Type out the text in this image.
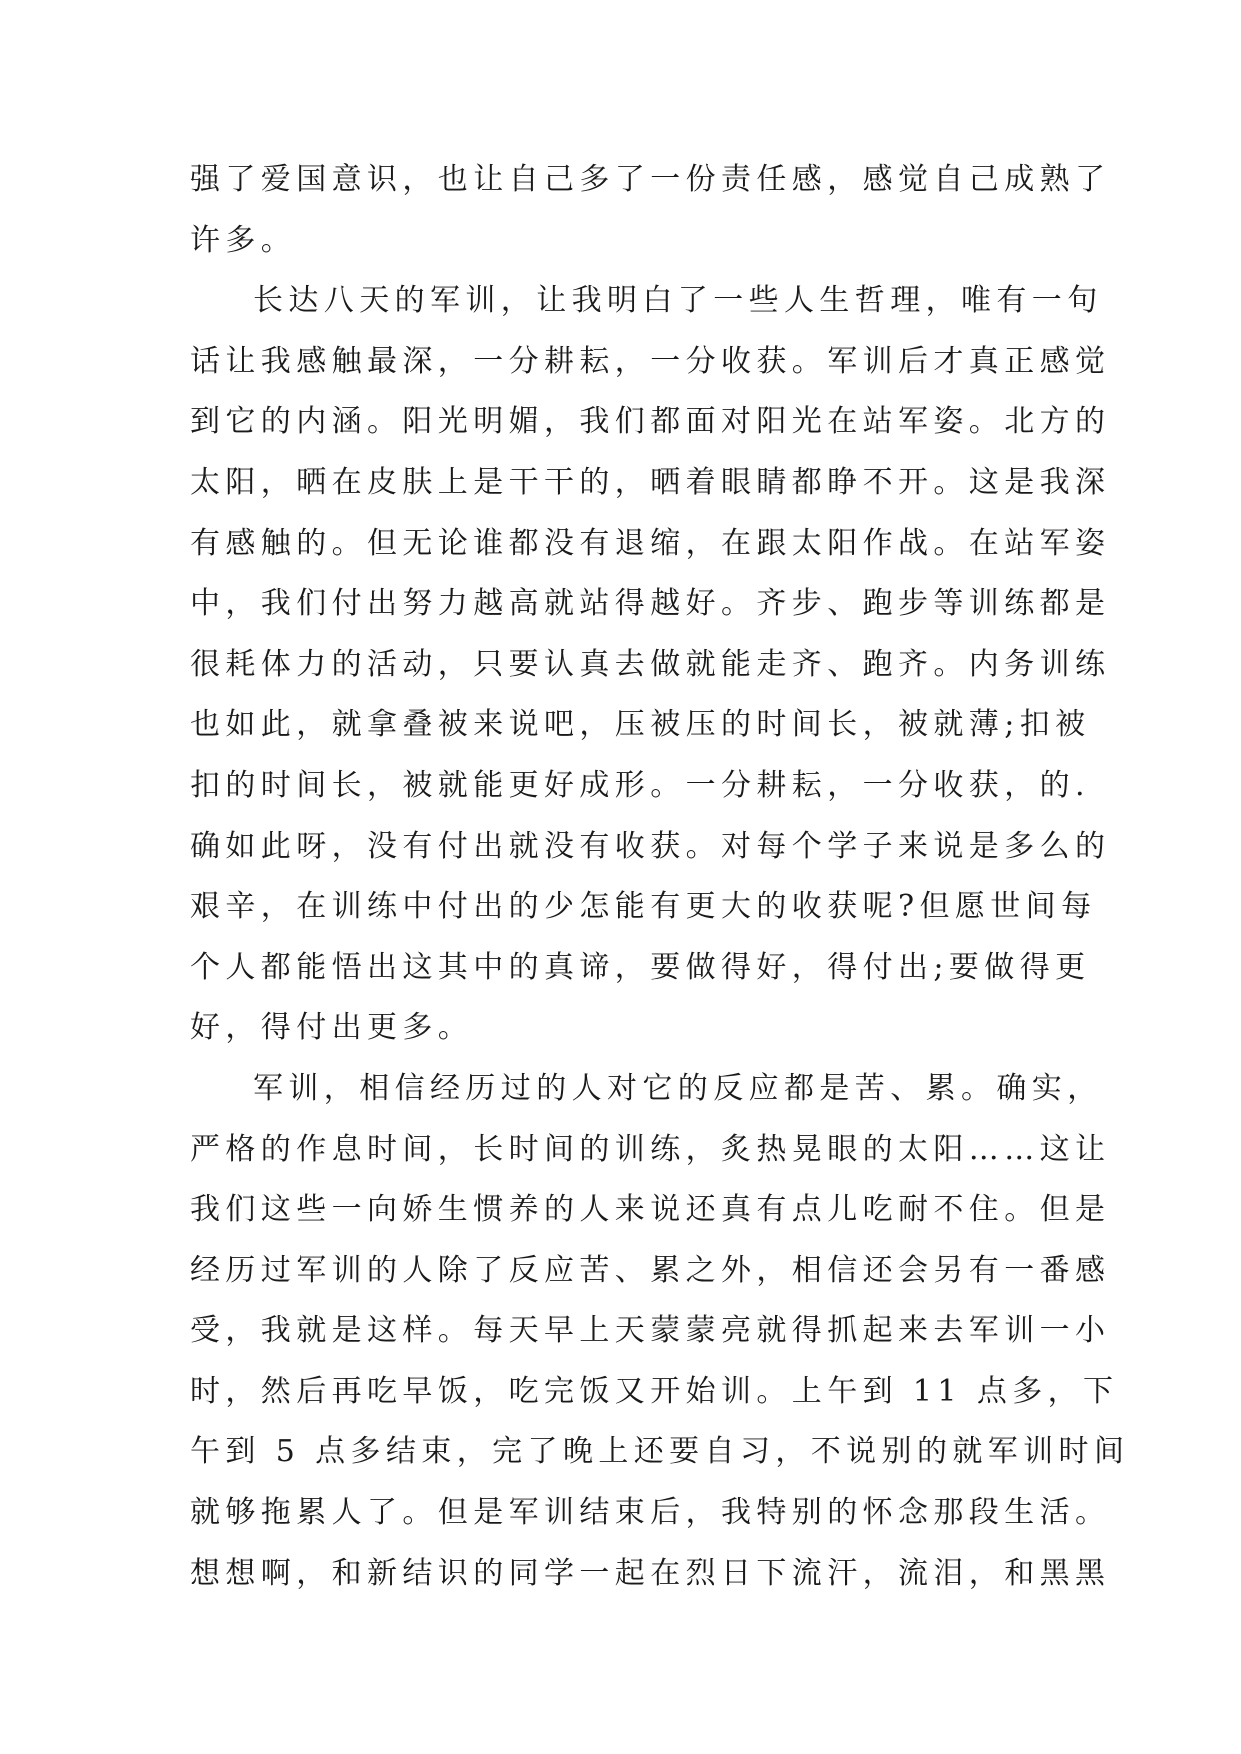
强了爱国意识，也让自己多了一份责任感，感觉自己成熟了
许多。
长达八天的军训，让我明白了一些人生哲理，唯有一句
话让我感触最深，一分耕耘，一分收获。军训后才真正感觉
到它的内涵。阳光明媚，我们都面对阳光在站军姿。北方的
太阳，晒在皮肤上是干干的，晒着眼睛都睁不开。这是我深
有感触的。但无论谁都没有退缩，在跟太阳作战。在站军姿
中，我们付出努力越高就站得越好。齐步、跑步等训练都是
很耗体力的活动，只要认真去做就能走齐、跑齐。内务训练
也如此，就拿叠被来说吧，压被压的时间长，被就薄;扣被
扣的时间长，被就能更好成形。一分耕耘，一分收获，的.
确如此呀，没有付出就没有收获。对每个学子来说是多么的
艰辛，在训练中付出的少怎能有更大的收获呢?但愿世间每
个人都能悟出这其中的真谛，要做得好，得付出;要做得更
好，得付出更多。
军训，相信经历过的人对它的反应都是苦、累。确实，
严格的作息时间，长时间的训练，炙热晃眼的太阳……这让
我们这些一向娇生惯养的人来说还真有点儿吃耐不住。但是
经历过军训的人除了反应苦、累之外，相信还会另有一番感
受，我就是这样。每天早上天蒙蒙亮就得抓起来去军训一小
时，然后再吃早饭，吃完饭又开始训。上午到 11 点多，下
午到 5 点多结束，完了晚上还要自习，不说别的就军训时间
就够拖累人了。但是军训结束后，我特别的怀念那段生活。
想想啊，和新结识的同学一起在烈日下流汗，流泪，和黑黑
